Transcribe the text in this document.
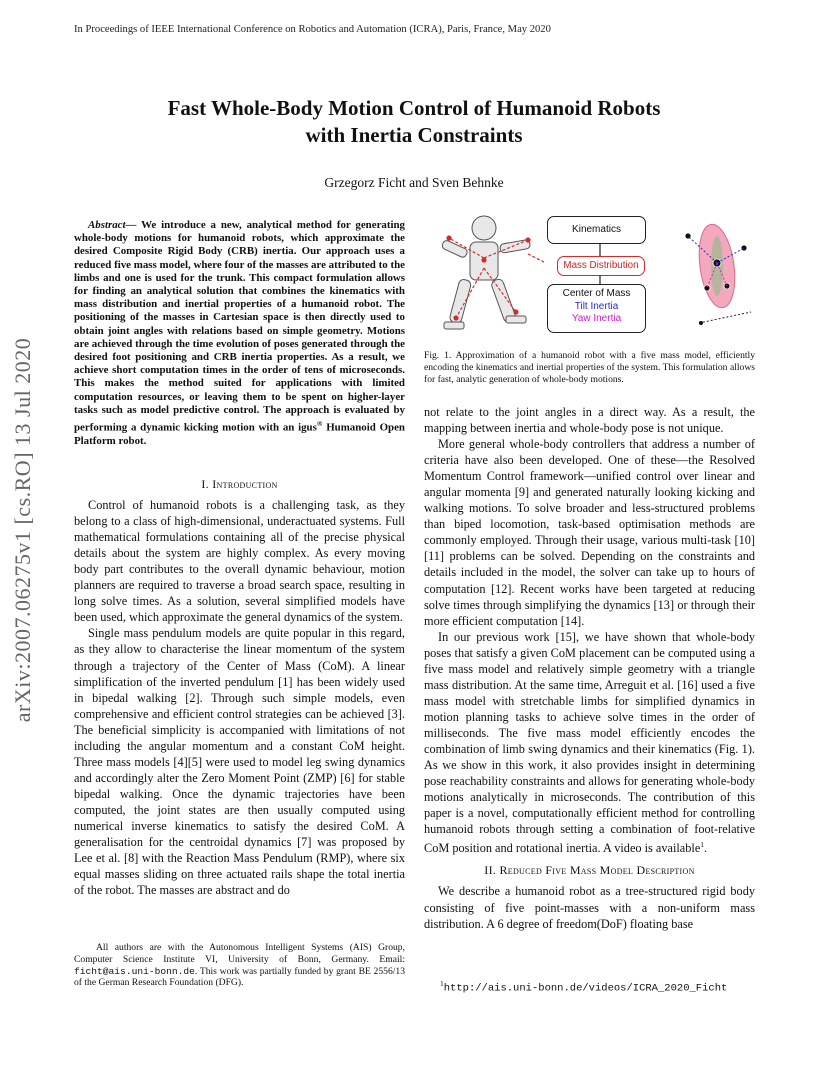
In Proceedings of IEEE International Conference on Robotics and Automation (ICRA), Paris, France, May 2020
Fast Whole-Body Motion Control of Humanoid Robots
with Inertia Constraints
Grzegorz Ficht and Sven Behnke
arXiv:2007.06275v1 [cs.RO] 13 Jul 2020

Abstract— We introduce a new, analytical method for generating whole-body motions for humanoid robots, which approximate the desired Composite Rigid Body (CRB) inertia. Our approach uses a reduced five mass model, where four of the masses are attributed to the limbs and one is used for the trunk. This compact formulation allows for finding an analytical solution that combines the kinematics with mass distribution and inertial properties of a humanoid robot. The positioning of the masses in Cartesian space is then directly used to obtain joint angles with relations based on simple geometry. Motions are achieved through the time evolution of poses generated through the desired foot positioning and CRB inertia properties. As a result, we achieve short computation times in the order of tens of microseconds. This makes the method suited for applications with limited computation resources, or leaving them to be spent on higher-layer tasks such as model predictive control. The approach is evaluated by performing a dynamic kicking motion with an igus® Humanoid Open Platform robot.

I. Introduction

Control of humanoid robots is a challenging task, as they belong to a class of high-dimensional, underactuated systems. Full mathematical formulations containing all of the precise physical details about the system are highly complex. As every moving body part contributes to the overall dynamic behaviour, motion planners are required to traverse a broad search space, resulting in long solve times. As a solution, several simplified models have been used, which approximate the general dynamics of the system.

Single mass pendulum models are quite popular in this regard, as they allow to characterise the linear momentum of the system through a trajectory of the Center of Mass (CoM). A linear simplification of the inverted pendulum [1] has been widely used in bipedal walking [2]. Through such simple models, even comprehensive and efficient control strategies can be achieved [3]. The beneficial simplicity is accompanied with limitations of not including the angular momentum and a constant CoM height. Three mass models [4][5] were used to model leg swing dynamics and accordingly alter the Zero Moment Point (ZMP) [6] for stable bipedal walking. Once the dynamic trajectories have been computed, the joint states are then usually computed using numerical inverse kinematics to satisfy the desired CoM. A generalisation for the centroidal dynamics [7] was proposed by Lee et al. [8] with the Reaction Mass Pendulum (RMP), where six equal masses sliding on three actuated rails shape the total inertia of the robot. The masses are abstract and do

All authors are with the Autonomous Intelligent Systems (AIS) Group, Computer Science Institute VI, University of Bonn, Germany. Email: ficht@ais.uni-bonn.de. This work was partially funded by grant BE 2556/13 of the German Research Foundation (DFG).

Kinematics
Mass Distribution
Center of Mass
Tilt Inertia
Yaw Inertia
Fig. 1. Approximation of a humanoid robot with a five mass model, efficiently encoding the kinematics and inertial properties of the system. This formulation allows for fast, analytic generation of whole-body motions.

not relate to the joint angles in a direct way. As a result, the mapping between inertia and whole-body pose is not unique.

More general whole-body controllers that address a number of criteria have also been developed. One of these—the Resolved Momentum Control framework—unified control over linear and angular momenta [9] and generated naturally looking kicking and walking motions. To solve broader and less-structured problems than biped locomotion, task-based optimisation methods are commonly employed. Through their usage, various multi-task [10] [11] problems can be solved. Depending on the constraints and details included in the model, the solver can take up to hours of computation [12]. Recent works have been targeted at reducing solve times through simplifying the dynamics [13] or through their more efficient computation [14].

In our previous work [15], we have shown that whole-body poses that satisfy a given CoM placement can be computed using a five mass model and relatively simple geometry with a triangle mass distribution. At the same time, Arreguit et al. [16] used a five mass model with stretchable limbs for simplified dynamics in motion planning tasks to achieve solve times in the order of milliseconds. The five mass model efficiently encodes the combination of limb swing dynamics and their kinematics (Fig. 1). As we show in this work, it also provides insight in determining pose reachability constraints and allows for generating whole-body motions analytically in microseconds. The contribution of this paper is a novel, computationally efficient method for controlling humanoid robots through setting a combination of foot-relative CoM position and rotational inertia. A video is available$^1$.

II. Reduced Five Mass Model Description

We describe a humanoid robot as a tree-structured rigid body consisting of five point-masses with a non-uniform mass distribution. A 6 degree of freedom(DoF) floating base

$^1$http://ais.uni-bonn.de/videos/ICRA_2020_Ficht
